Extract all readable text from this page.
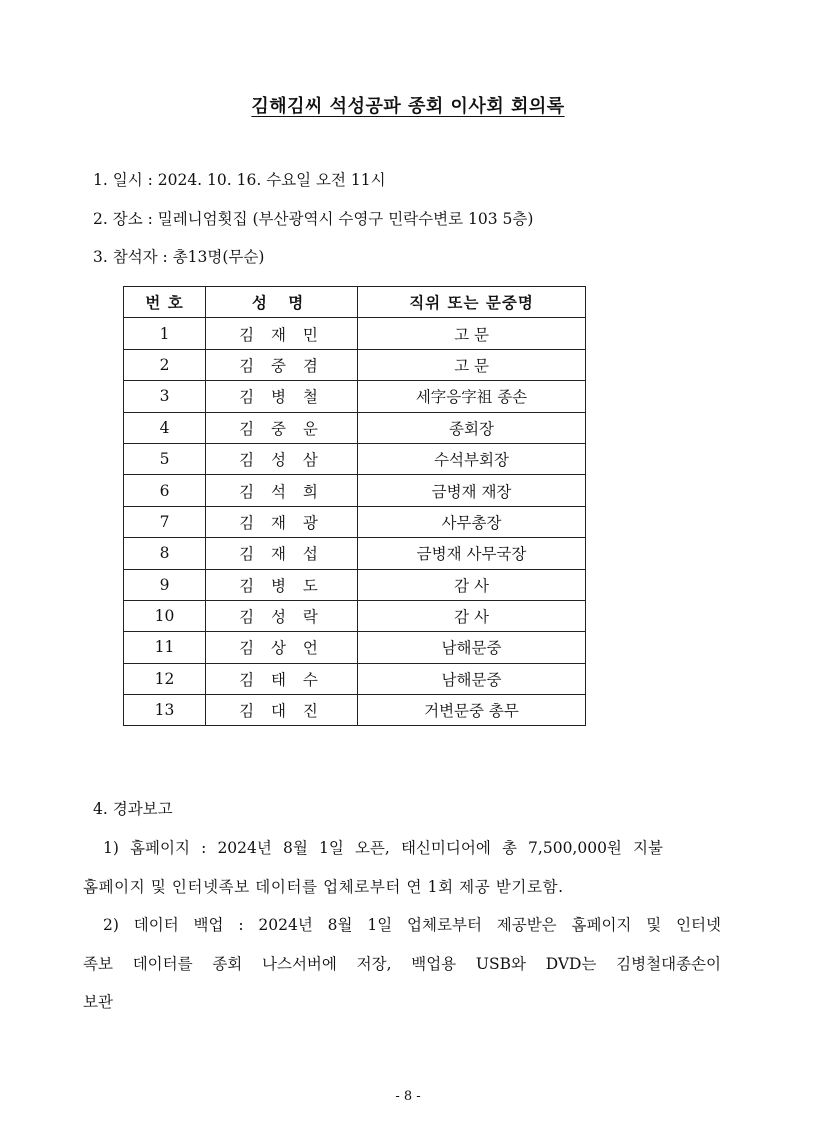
김해김씨 석성공파 종회 이사회 회의록
1. 일시 : 2024. 10. 16. 수요일 오전 11시
2. 장소 : 밀레니엄횟집 (부산광역시 수영구 민락수변로 103 5층)
3. 참석자 : 총13명(무순)
번 호	성 명	직위 또는 문중명
1	김 재 민	고 문
2	김 중 겸	고 문
3	김 병 철	세字응字祖 종손
4	김 중 운	종회장
5	김 성 삼	수석부회장
6	김 석 희	금병재 재장
7	김 재 광	사무총장
8	김 재 섭	금병재 사무국장
9	김 병 도	감 사
10	김 성 락	감 사
11	김 상 언	남해문중
12	김 태 수	남해문중
13	김 대 진	거변문중 총무
4. 경과보고
1) 홈페이지 : 2024년 8월 1일 오픈, 태신미디어에 총 7,500,000원 지불
홈페이지 및 인터넷족보 데이터를 업체로부터 연 1회 제공 받기로함.
2) 데이터 백업 : 2024년 8월 1일 업체로부터 제공받은 홈페이지 및 인터넷
족보 데이터를 종회 나스서버에 저장, 백업용 USB와 DVD는 김병철대종손이
보관
- 8 -
